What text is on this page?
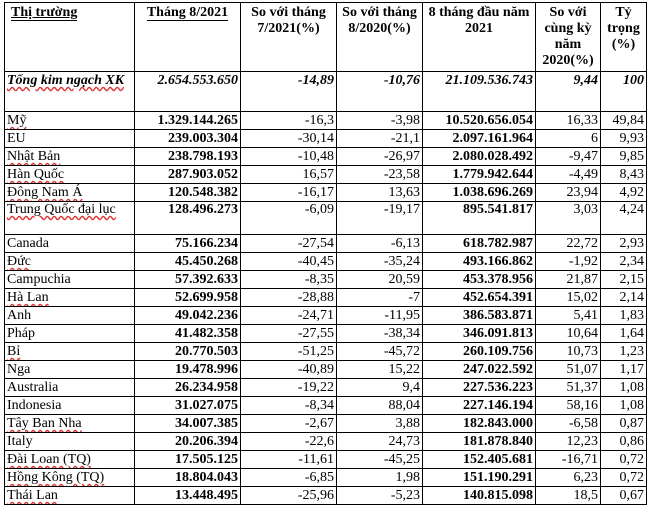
Thị trường	Tháng 8/2021	So với tháng 7/2021(%)	So với tháng 8/2020(%)	8 tháng đầu năm 2021	So với cùng kỳ năm 2020(%)	Tỷ trọng (%)
Tổng kim ngạch XK	2.654.553.650	-14,89	-10,76	21.109.536.743	9,44	100
Mỹ	1.329.144.265	-16,3	-3,98	10.520.656.054	16,33	49,84
EU	239.003.304	-30,14	-21,1	2.097.161.964	6	9,93
Nhật Bản	238.798.193	-10,48	-26,97	2.080.028.492	-9,47	9,85
Hàn Quốc	287.903.052	16,57	-23,58	1.779.942.644	-4,49	8,43
Đông Nam Á	120.548.382	-16,17	13,63	1.038.696.269	23,94	4,92
Trung Quốc đại lục	128.496.273	-6,09	-19,17	895.541.817	3,03	4,24
Canada	75.166.234	-27,54	-6,13	618.782.987	22,72	2,93
Đức	45.450.268	-40,45	-35,24	493.166.862	-1,92	2,34
Campuchia	57.392.633	-8,35	20,59	453.378.956	21,87	2,15
Hà Lan	52.699.958	-28,88	-7	452.654.391	15,02	2,14
Anh	49.042.236	-24,71	-11,95	386.583.871	5,41	1,83
Pháp	41.482.358	-27,55	-38,34	346.091.813	10,64	1,64
Bỉ	20.770.503	-51,25	-45,72	260.109.756	10,73	1,23
Nga	19.478.996	-40,89	15,22	247.022.592	51,07	1,17
Australia	26.234.958	-19,22	9,4	227.536.223	51,37	1,08
Indonesia	31.027.075	-8,34	88,04	227.146.194	58,16	1,08
Tây Ban Nha	34.007.385	-2,67	3,88	182.843.000	-6,58	0,87
Italy	20.206.394	-22,6	24,73	181.878.840	12,23	0,86
Đài Loan (TQ)	17.505.125	-11,61	-45,25	152.405.681	-16,71	0,72
Hồng Kông (TQ)	18.804.043	-6,85	1,98	151.190.291	6,23	0,72
Thái Lan	13.448.495	-25,96	-5,23	140.815.098	18,5	0,67
